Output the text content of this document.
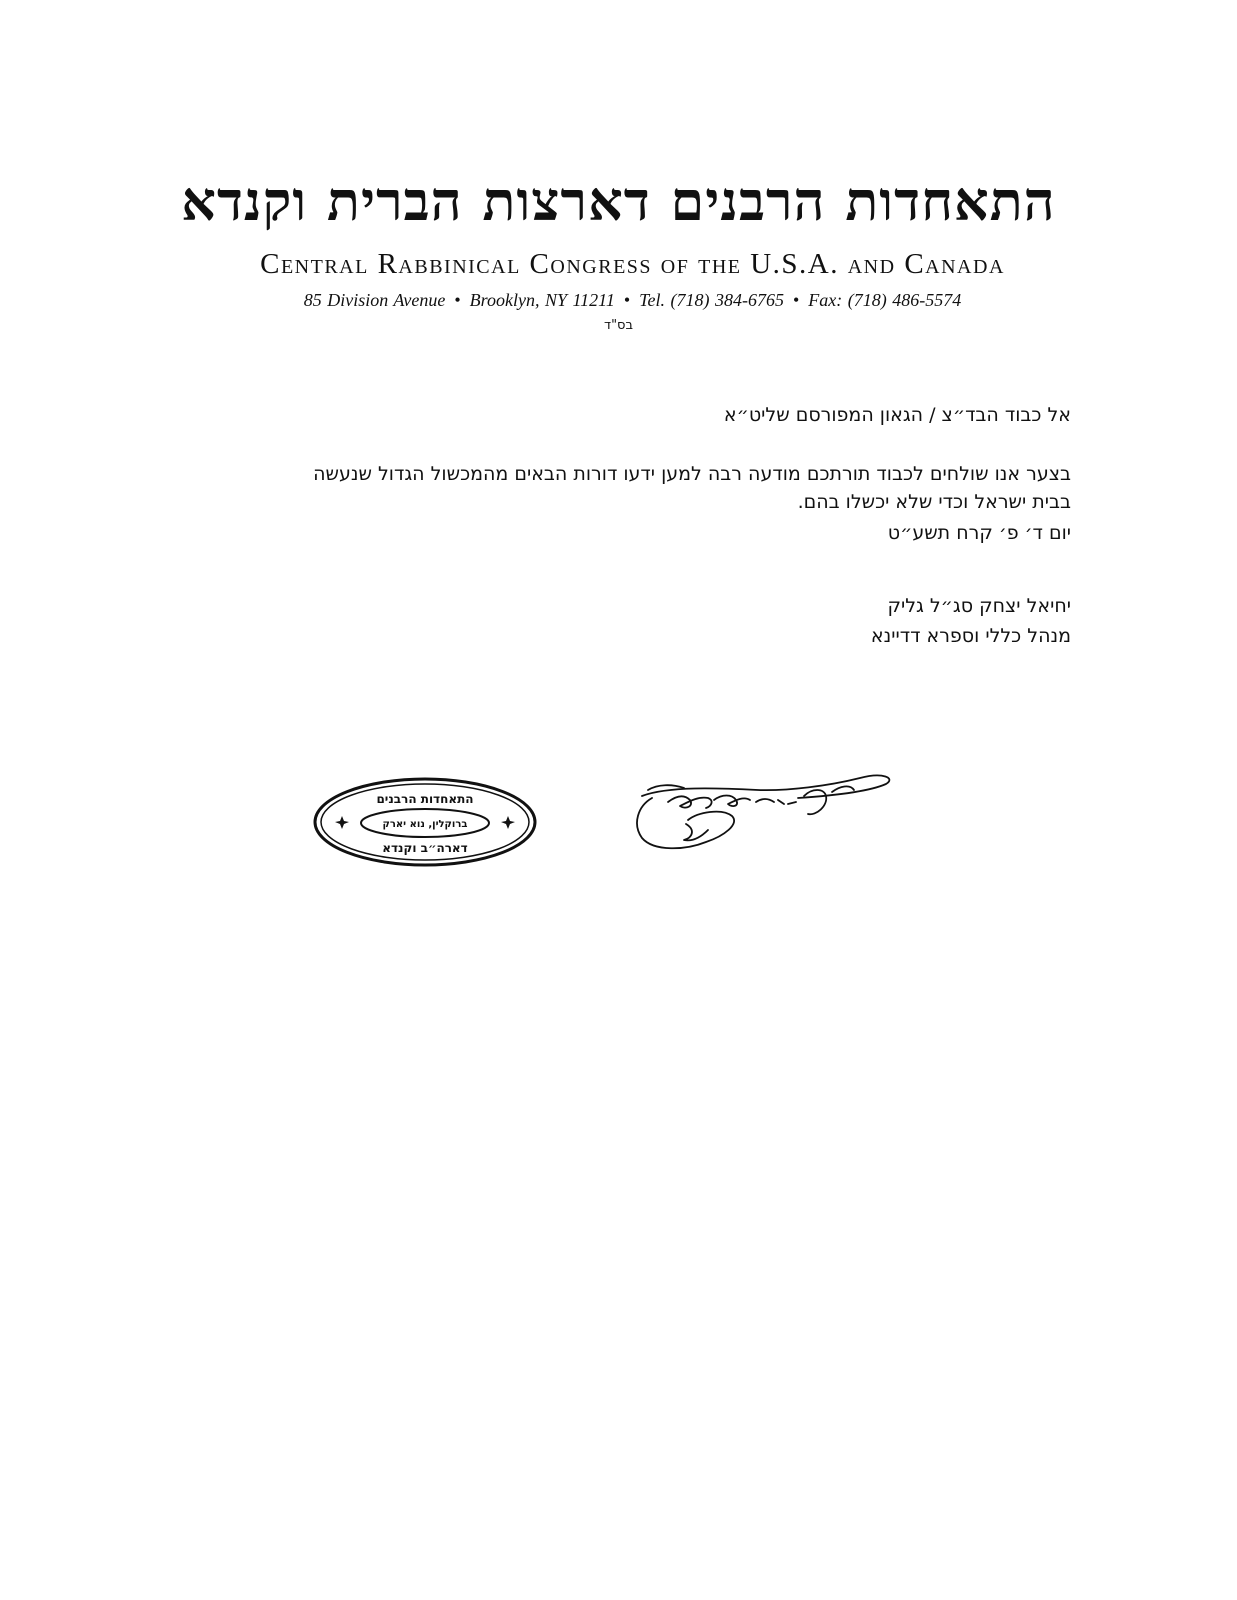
התאחדות הרבנים דארצות הברית וקנדא
Central Rabbinical Congress of the U.S.A. and Canada
85 Division Avenue • Brooklyn, NY 11211 • Tel. (718) 384-6765 • Fax: (718) 486-5574
בס"ד
אל כבוד הבד״צ / הגאון המפורסם שליט״א
בצער אנו שולחים לכבוד תורתכם מודעה רבה למען ידעו דורות הבאים מהמכשול הגדול שנעשה
בבית ישראל וכדי שלא יכשלו בהם.
יום ד׳ פ׳ קרח תשע״ט
יחיאל יצחק סג״ל גליק
מנהל כללי וספרא דדיינא
התאחדות הרבנים
ברוקלין, נוא יארק
דארה״ב וקנדא
